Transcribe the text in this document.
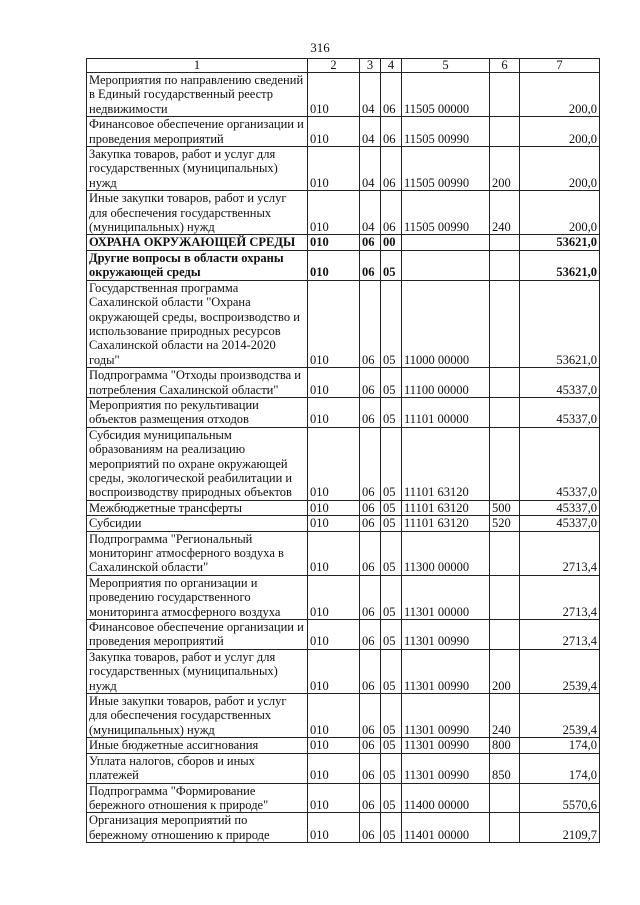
316
1	2	3	4	5	6	7
Мероприятия по направлению сведений в Единый государственный реестр недвижимости	010	04	06	11505 00000		200,0
Финансовое обеспечение организации и проведения мероприятий	010	04	06	11505 00990		200,0
Закупка товаров, работ и услуг для государственных (муниципальных) нужд	010	04	06	11505 00990	200	200,0
Иные закупки товаров, работ и услуг для обеспечения государственных (муниципальных) нужд	010	04	06	11505 00990	240	200,0
ОХРАНА ОКРУЖАЮЩЕЙ СРЕДЫ	010	06	00			53621,0
Другие вопросы в области охраны окружающей среды	010	06	05			53621,0
Государственная программа Сахалинской области "Охрана окружающей среды, воспроизводство и использование природных ресурсов Сахалинской области на 2014-2020 годы"	010	06	05	11000 00000		53621,0
Подпрограмма "Отходы производства и потребления Сахалинской области"	010	06	05	11100 00000		45337,0
Мероприятия по рекультивации объектов размещения отходов	010	06	05	11101 00000		45337,0
Субсидия муниципальным образованиям на реализацию мероприятий по охране окружающей среды, экологической реабилитации и воспроизводству природных объектов	010	06	05	11101 63120		45337,0
Межбюджетные трансферты	010	06	05	11101 63120	500	45337,0
Субсидии	010	06	05	11101 63120	520	45337,0
Подпрограмма "Региональный мониторинг атмосферного воздуха в Сахалинской области"	010	06	05	11300 00000		2713,4
Мероприятия по организации и проведению государственного мониторинга атмосферного воздуха	010	06	05	11301 00000		2713,4
Финансовое обеспечение организации и проведения мероприятий	010	06	05	11301 00990		2713,4
Закупка товаров, работ и услуг для государственных (муниципальных) нужд	010	06	05	11301 00990	200	2539,4
Иные закупки товаров, работ и услуг для обеспечения государственных (муниципальных) нужд	010	06	05	11301 00990	240	2539,4
Иные бюджетные ассигнования	010	06	05	11301 00990	800	174,0
Уплата налогов, сборов и иных платежей	010	06	05	11301 00990	850	174,0
Подпрограмма "Формирование бережного отношения к природе"	010	06	05	11400 00000		5570,6
Организация мероприятий по бережному отношению к природе	010	06	05	11401 00000		2109,7
